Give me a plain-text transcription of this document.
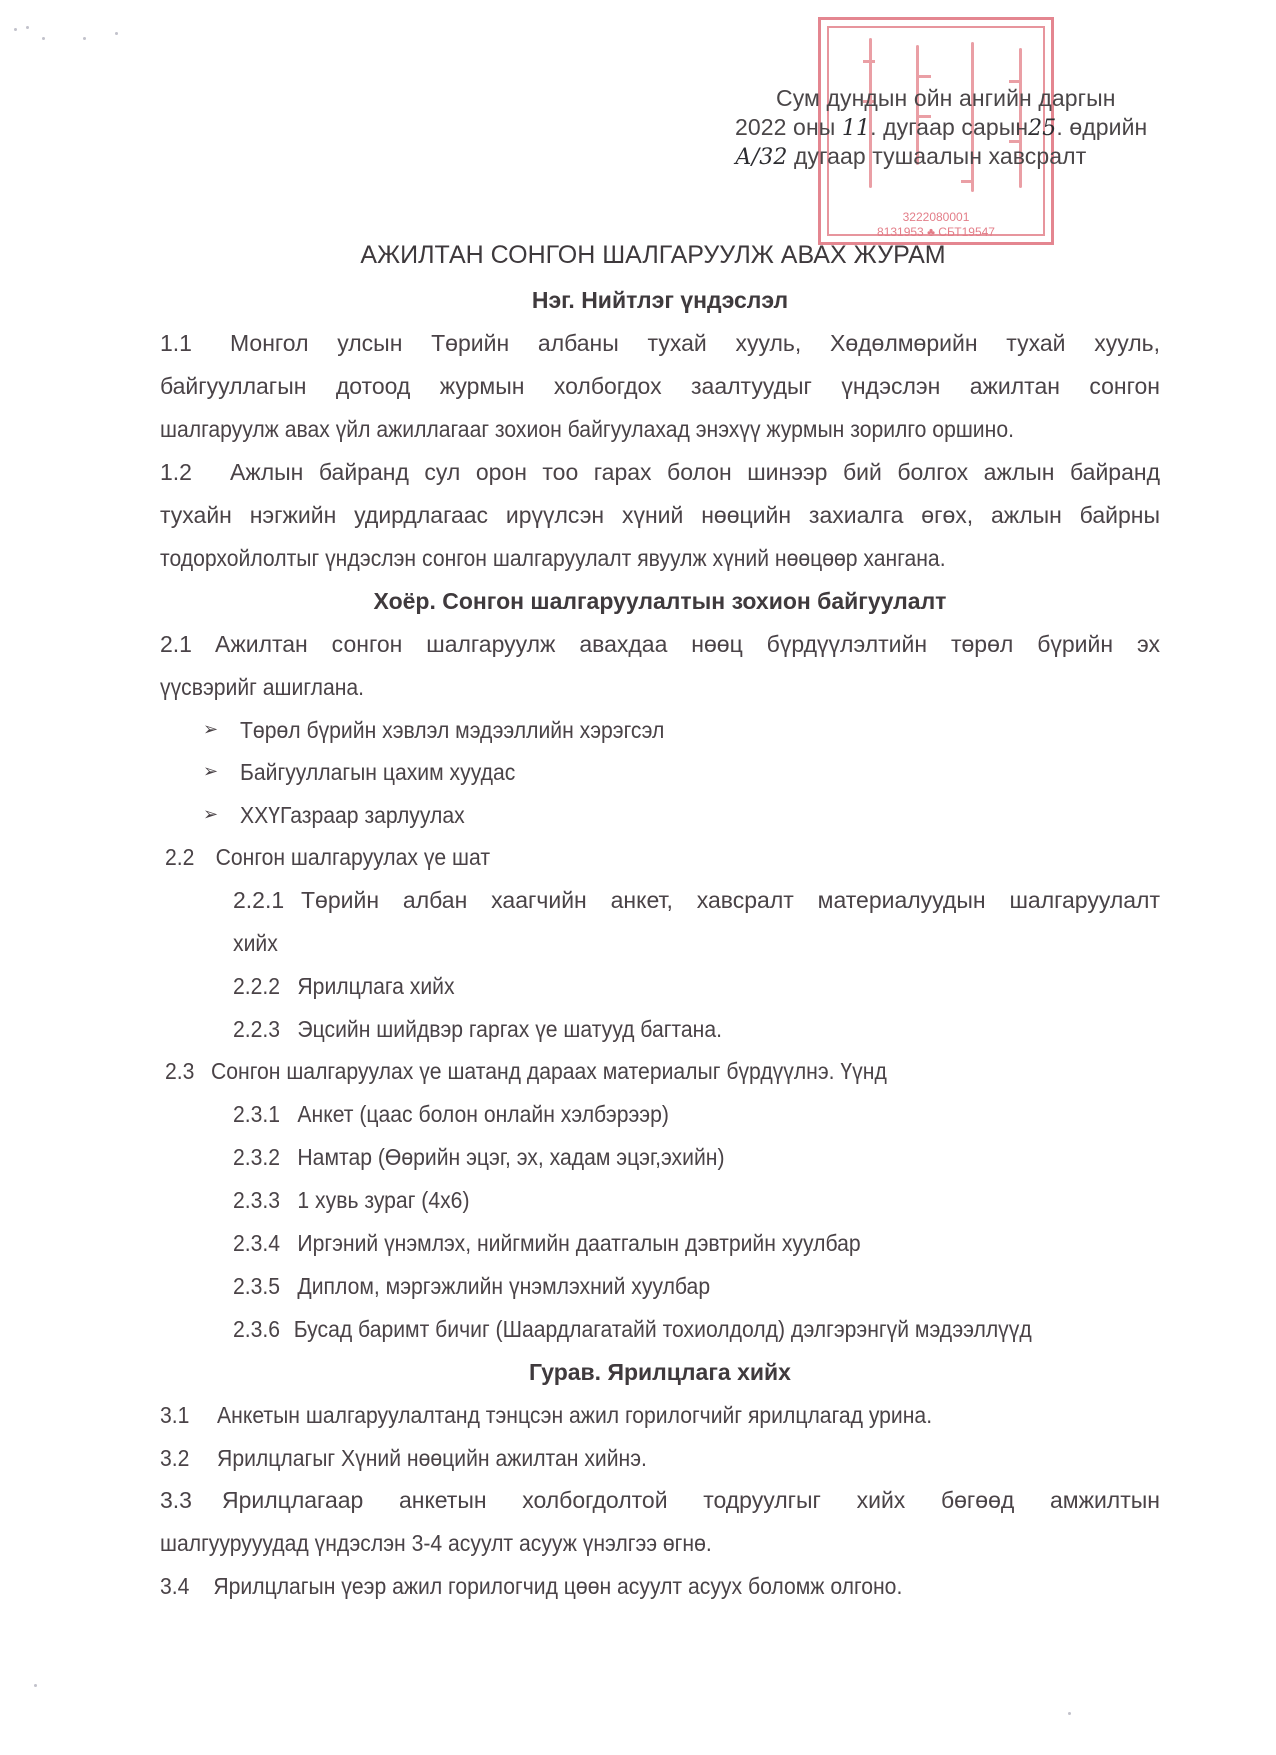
3222080001
8131953 ♣ СБТ19547
Сум дундын ойн ангийн даргын
2022 оны 11. дугаар сарын25. өдрийн
А/32 дугаар тушаалын хавсралт
АЖИЛТАН СОНГОН ШАЛГАРУУЛЖ АВАХ ЖУРАМ
Нэг. Нийтлэг үндэслэл
1.1 Монгол улсын Төрийн албаны тухай хууль, Хөдөлмөрийн тухай хууль,
байгууллагын дотоод журмын холбогдох заалтуудыг үндэслэн ажилтан сонгон
шалгаруулж авах үйл ажиллагааг зохион байгуулахад энэхүү журмын зорилго оршино.
1.2 Ажлын байранд сул орон тоо гарах болон шинээр бий болгох ажлын байранд
тухайн нэгжийн удирдлагаас ирүүлсэн хүний нөөцийн захиалга өгөх, ажлын байрны
тодорхойлолтыг үндэслэн сонгон шалгаруулалт явуулж хүний нөөцөөр хангана.
Хоёр. Сонгон шалгаруулалтын зохион байгуулалт
2.1 Ажилтан сонгон шалгаруулж авахдаа нөөц бүрдүүлэлтийн төрөл бүрийн эх
үүсвэрийг ашиглана.
➢ Төрөл бүрийн хэвлэл мэдээллийн хэрэгсэл
➢ Байгууллагын цахим хуудас
➢ ХХҮГазраар зарлуулах
2.2 Сонгон шалгаруулах үе шат
2.2.1 Төрийн албан хаагчийн анкет, хавсралт материалуудын шалгаруулалт
хийх
2.2.2 Ярилцлага хийх
2.2.3 Эцсийн шийдвэр гаргах үе шатууд багтана.
2.3 Сонгон шалгаруулах үе шатанд дараах материалыг бүрдүүлнэ. Үүнд
2.3.1 Анкет (цаас болон онлайн хэлбэрээр)
2.3.2 Намтар (Өөрийн эцэг, эх, хадам эцэг,эхийн)
2.3.3 1 хувь зураг (4x6)
2.3.4 Иргэний үнэмлэх, нийгмийн даатгалын дэвтрийн хуулбар
2.3.5 Диплом, мэргэжлийн үнэмлэхний хуулбар
2.3.6 Бусад баримт бичиг (Шаардлагатайй тохиолдолд) дэлгэрэнгүй мэдээллүүд
Гурав. Ярилцлага хийх
3.1 Анкетын шалгаруулалтанд тэнцсэн ажил горилогчийг ярилцлагад урина.
3.2 Ярилцлагыг Хүний нөөцийн ажилтан хийнэ.
3.3 Ярилцлагаар анкетын холбогдолтой тодруулгыг хийх бөгөөд амжилтын
шалгуурууудад үндэслэн 3-4 асуулт асууж үнэлгээ өгнө.
3.4 Ярилцлагын үеэр ажил горилогчид цөөн асуулт асуух боломж олгоно.
